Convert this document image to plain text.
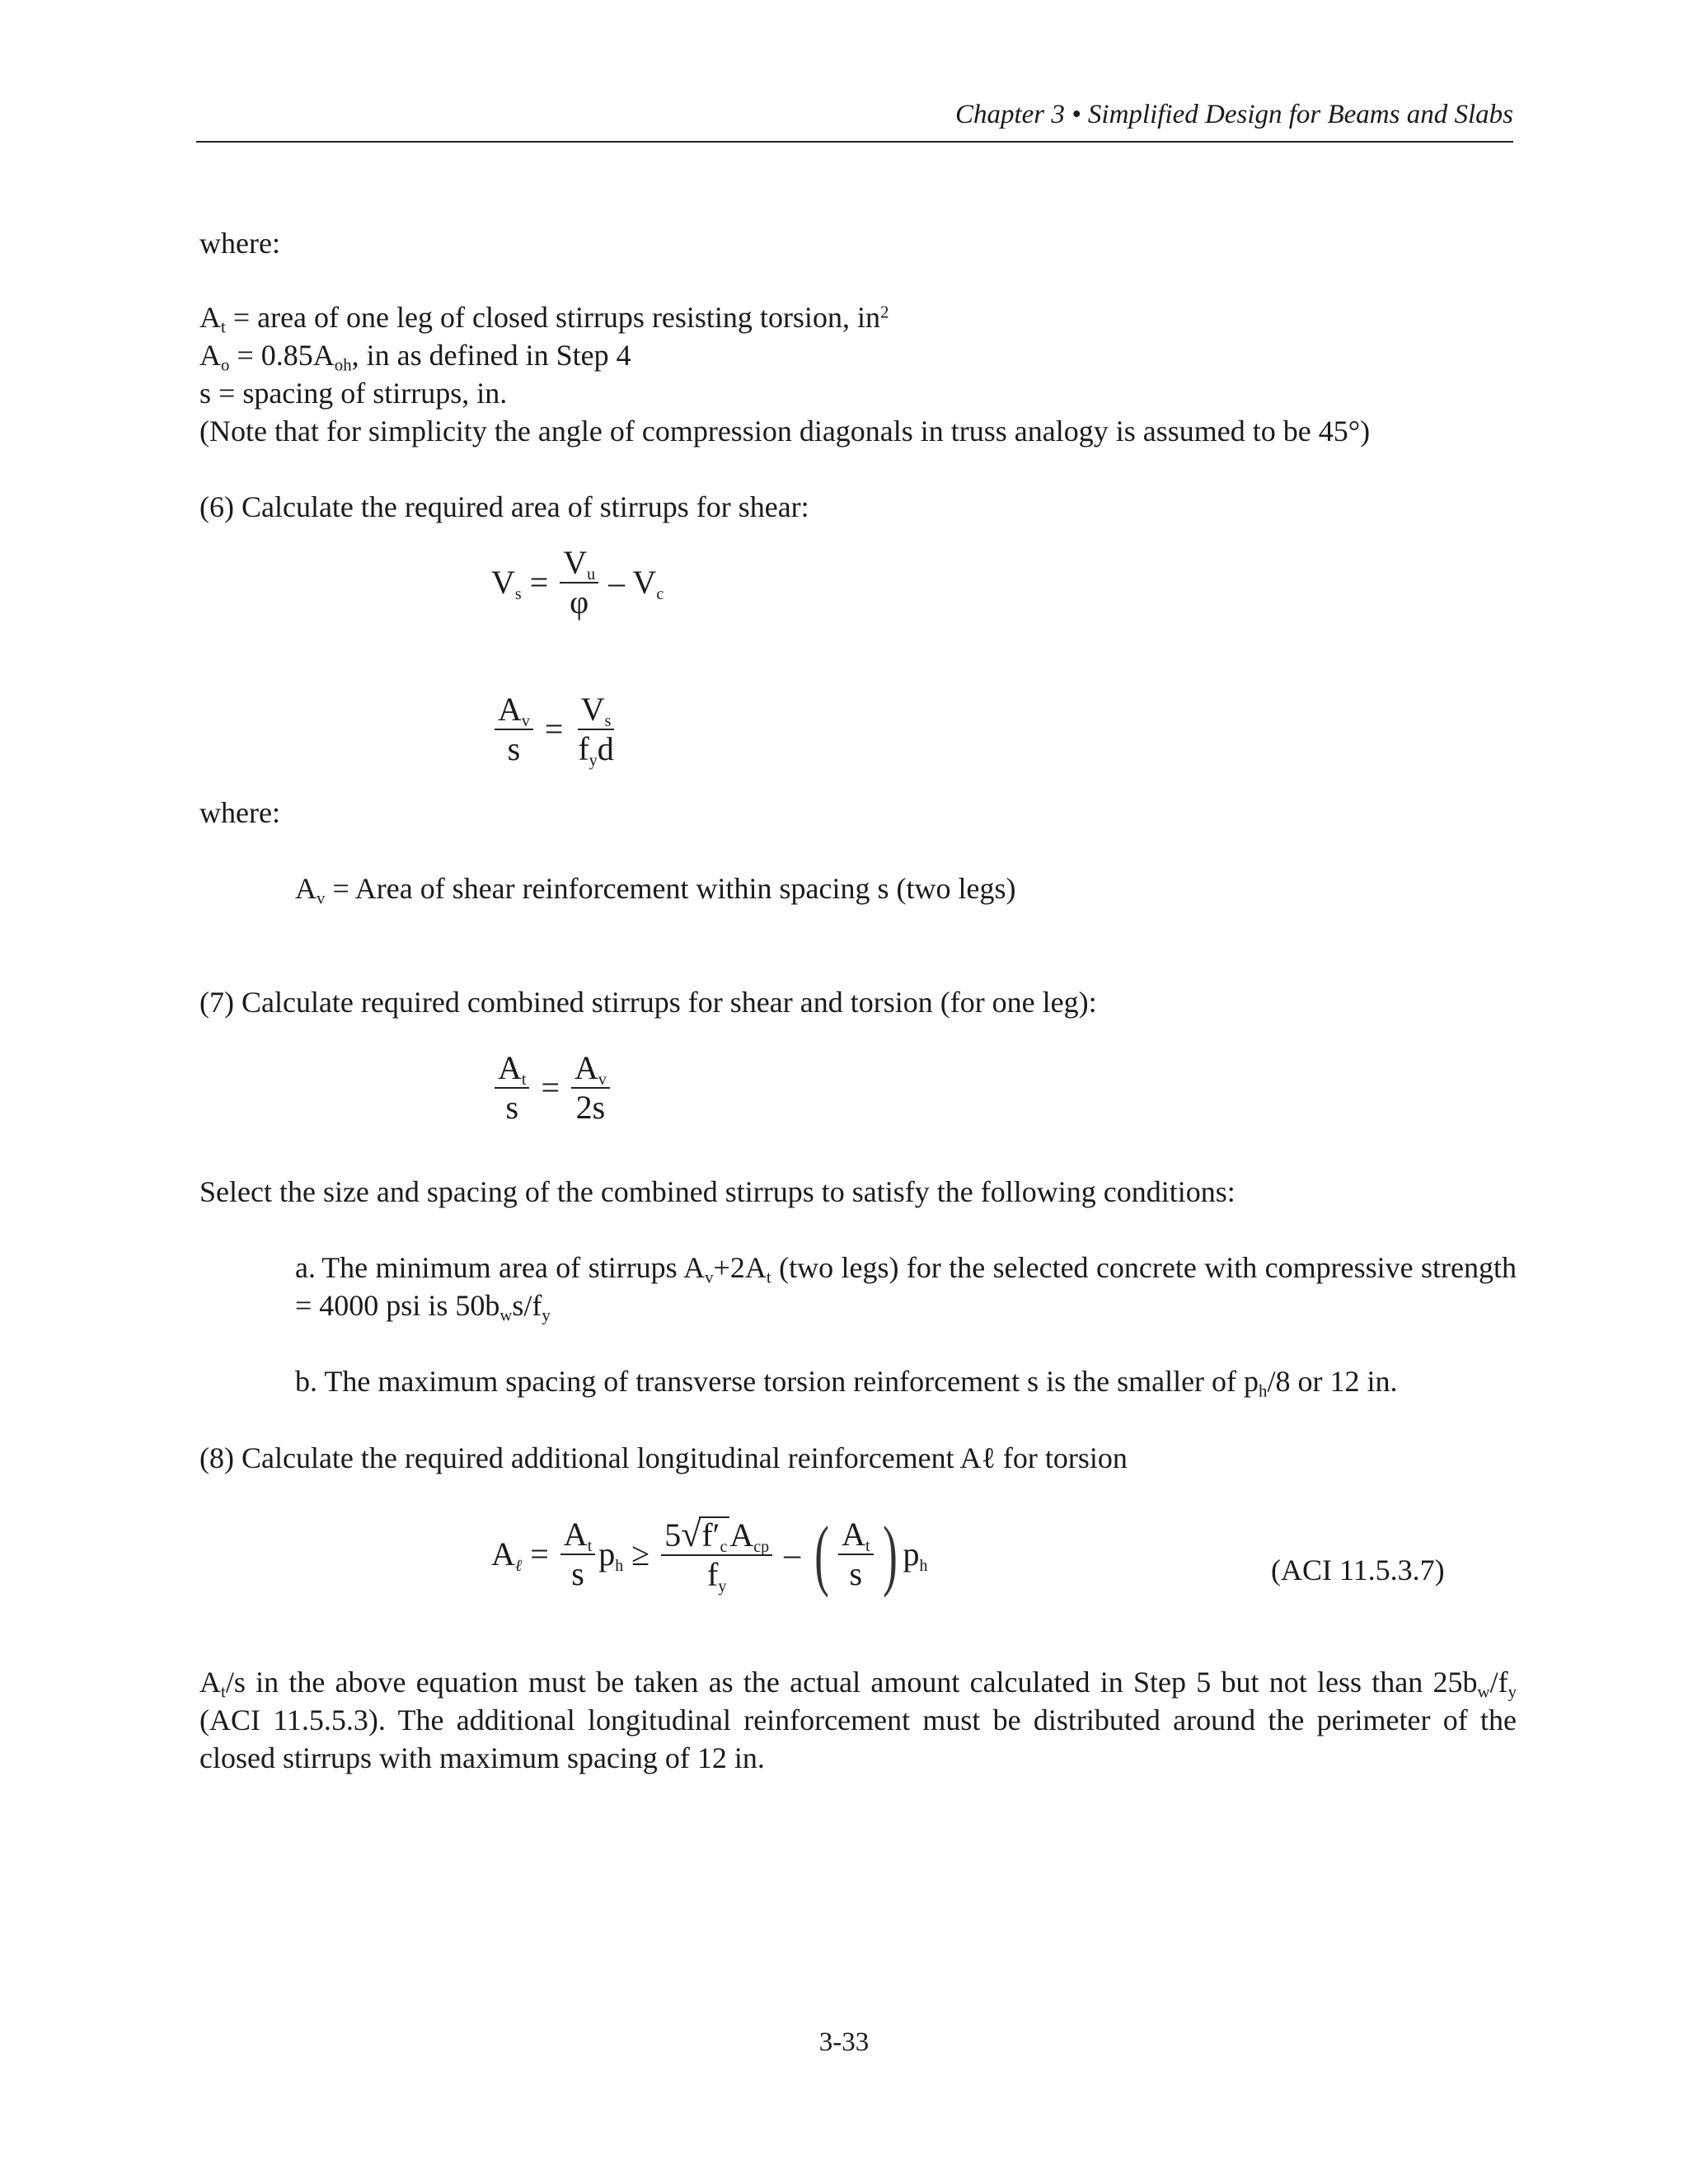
Chapter 3 • Simplified Design for Beams and Slabs
where:
$A_t$ = area of one leg of closed stirrups resisting torsion, $in^2$
$A_o = 0.85A_{oh}$, in as defined in Step 4
s = spacing of stirrups, in.
(Note that for simplicity the angle of compression diagonals in truss analogy is assumed to be 45°)
(6) Calculate the required area of stirrups for shear:
$Vs = \frac{Vu}{\varphi} - Vc$
$\frac{Av}{s} = \frac{Vs}{\text{fyd}}$
where:
$A_v$ = Area of shear reinforcement within spacing s (two legs)
(7) Calculate required combined stirrups for shear and torsion (for one leg):
$\frac{At}{s} = \frac{Av}{2s}$
Select the size and spacing of the combined stirrups to satisfy the following conditions:
a. The minimum area of stirrups $A_v+2A_t$ (two legs) for the selected concrete with compressive strength = 4000 psi is $50b_ws/f_y$
b. The maximum spacing of transverse torsion reinforcement s is the smaller of $p_h/8$ or 12 in.
(8) Calculate the required additional longitudinal reinforcement Aℓ for torsion
Aℓ = $\frac{At}{s}$ ph ≥ $\frac{\text{5 √ f′c Acp}}{fy}$ – ( $\frac{At}{s}$ ) ph	(ACI 11.5.3.7)
$A_t/s$ in the above equation must be taken as the actual amount calculated in Step 5 but not less than $25b_w/f_y$ (ACI 11.5.5.3). The additional longitudinal reinforcement must be distributed around the perimeter of the closed stirrups with maximum spacing of 12 in.
3-33
